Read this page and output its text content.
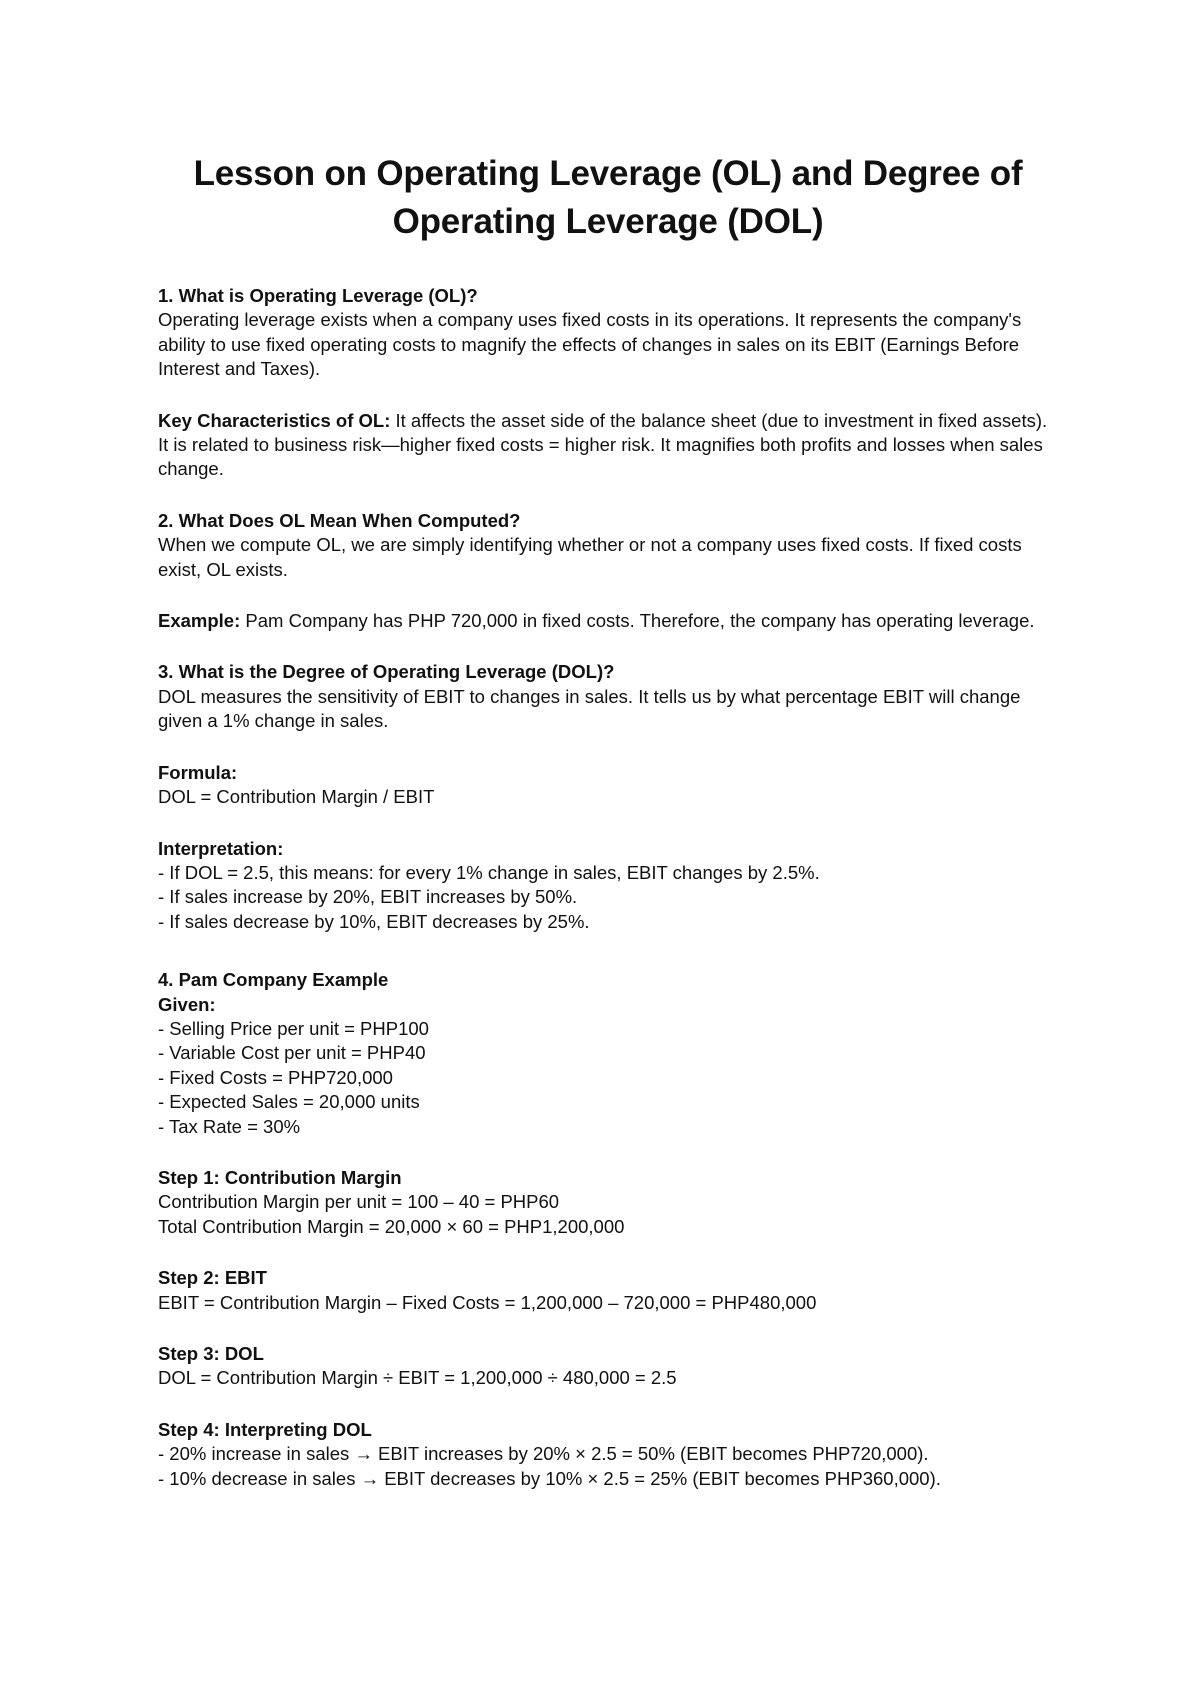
Lesson on Operating Leverage (OL) and Degree of Operating Leverage (DOL)

1. What is Operating Leverage (OL)?

Operating leverage exists when a company uses fixed costs in its operations. It represents the company's ability to use fixed operating costs to magnify the effects of changes in sales on its EBIT (Earnings Before Interest and Taxes).

Key Characteristics of OL: It affects the asset side of the balance sheet (due to investment in fixed assets). It is related to business risk—higher fixed costs = higher risk. It magnifies both profits and losses when sales change.

2. What Does OL Mean When Computed?

When we compute OL, we are simply identifying whether or not a company uses fixed costs. If fixed costs exist, OL exists.

Example: Pam Company has PHP 720,000 in fixed costs. Therefore, the company has operating leverage.

3. What is the Degree of Operating Leverage (DOL)?

DOL measures the sensitivity of EBIT to changes in sales. It tells us by what percentage EBIT will change given a 1% change in sales.

Formula:

DOL = Contribution Margin / EBIT

Interpretation:

- If DOL = 2.5, this means: for every 1% change in sales, EBIT changes by 2.5%.

- If sales increase by 20%, EBIT increases by 50%.

- If sales decrease by 10%, EBIT decreases by 25%.

4. Pam Company Example

Given:

- Selling Price per unit = PHP100

- Variable Cost per unit = PHP40

- Fixed Costs = PHP720,000

- Expected Sales = 20,000 units

- Tax Rate = 30%

Step 1: Contribution Margin

Contribution Margin per unit = 100 – 40 = PHP60

Total Contribution Margin = 20,000 × 60 = PHP1,200,000

Step 2: EBIT

EBIT = Contribution Margin – Fixed Costs = 1,200,000 – 720,000 = PHP480,000

Step 3: DOL

DOL = Contribution Margin ÷ EBIT = 1,200,000 ÷ 480,000 = 2.5

Step 4: Interpreting DOL

- 20% increase in sales → EBIT increases by 20% × 2.5 = 50% (EBIT becomes PHP720,000).

- 10% decrease in sales → EBIT decreases by 10% × 2.5 = 25% (EBIT becomes PHP360,000).
